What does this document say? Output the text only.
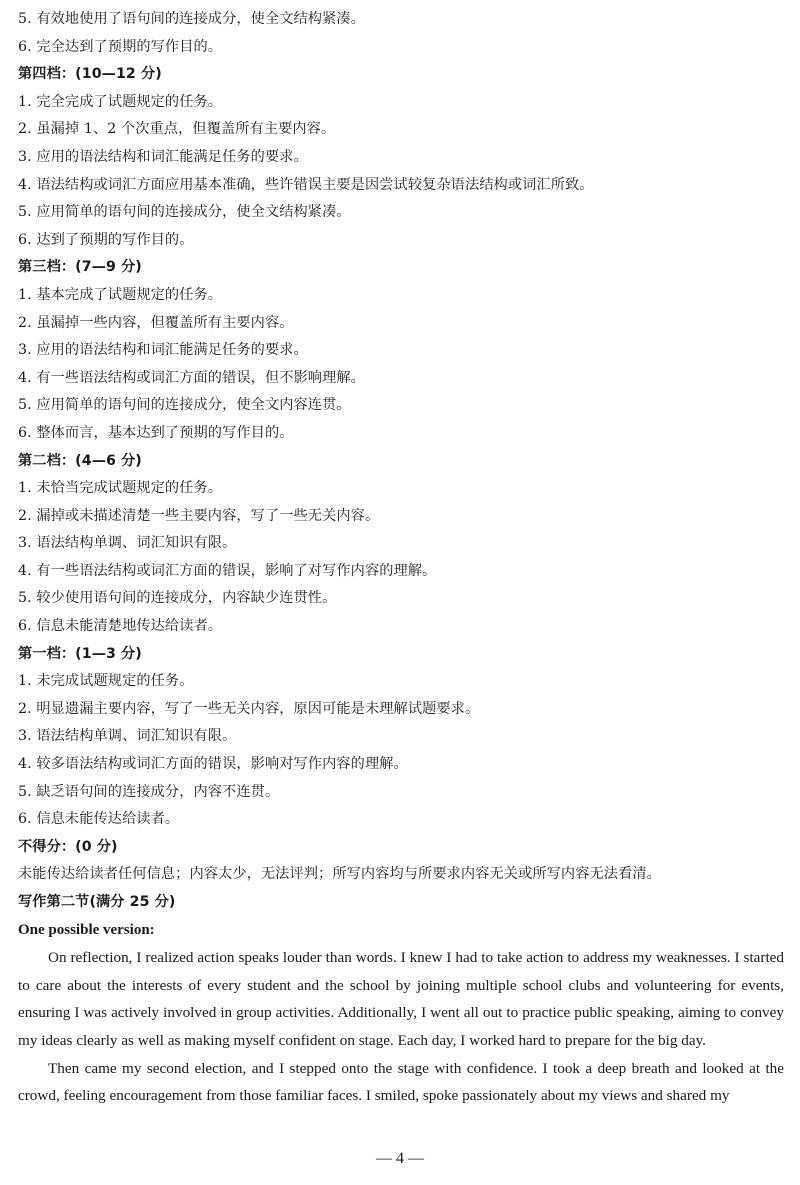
5. 有效地使用了语句间的连接成分，使全文结构紧凑。
6. 完全达到了预期的写作目的。
第四档：(10—12 分)
1. 完全完成了试题规定的任务。
2. 虽漏掉 1、2 个次重点，但覆盖所有主要内容。
3. 应用的语法结构和词汇能满足任务的要求。
4. 语法结构或词汇方面应用基本准确，些许错误主要是因尝试较复杂语法结构或词汇所致。
5. 应用简单的语句间的连接成分，使全文结构紧凑。
6. 达到了预期的写作目的。
第三档：(7—9 分)
1. 基本完成了试题规定的任务。
2. 虽漏掉一些内容，但覆盖所有主要内容。
3. 应用的语法结构和词汇能满足任务的要求。
4. 有一些语法结构或词汇方面的错误，但不影响理解。
5. 应用简单的语句间的连接成分，使全文内容连贯。
6. 整体而言，基本达到了预期的写作目的。
第二档：(4—6 分)
1. 未恰当完成试题规定的任务。
2. 漏掉或未描述清楚一些主要内容，写了一些无关内容。
3. 语法结构单调、词汇知识有限。
4. 有一些语法结构或词汇方面的错误，影响了对写作内容的理解。
5. 较少使用语句间的连接成分，内容缺少连贯性。
6. 信息未能清楚地传达给读者。
第一档：(1—3 分)
1. 未完成试题规定的任务。
2. 明显遗漏主要内容，写了一些无关内容，原因可能是未理解试题要求。
3. 语法结构单调、词汇知识有限。
4. 较多语法结构或词汇方面的错误，影响对写作内容的理解。
5. 缺乏语句间的连接成分，内容不连贯。
6. 信息未能传达给读者。
不得分：(0 分)
未能传达给读者任何信息；内容太少，无法评判；所写内容均与所要求内容无关或所写内容无法看清。
写作第二节(满分 25 分)
One possible version:

On reflection, I realized action speaks louder than words. I knew I had to take action to address my weaknesses. I started to care about the interests of every student and the school by joining multiple school clubs and volunteering for events, ensuring I was actively involved in group activities. Additionally, I went all out to practice public speaking, aiming to convey my ideas clearly as well as making myself confident on stage. Each day, I worked hard to prepare for the big day.

Then came my second election, and I stepped onto the stage with confidence. I took a deep breath and looked at the crowd, feeling encouragement from those familiar faces. I smiled, spoke passionately about my views and shared my

— 4 —
